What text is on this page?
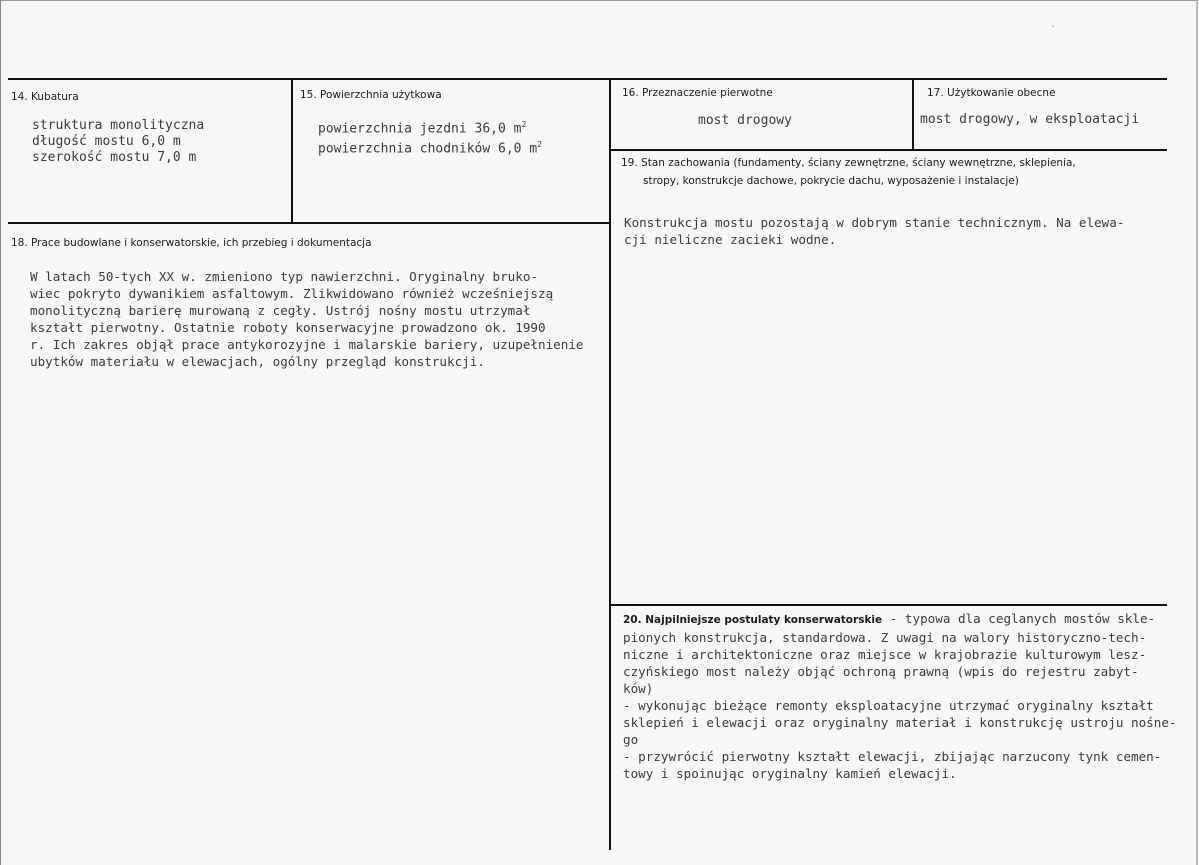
14. Kubatura
struktura monolityczna
długość mostu 6,0 m
szerokość mostu 7,0 m
15. Powierzchnia użytkowa
powierzchnia jezdni 36,0 $m^2$
powierzchnia chodników 6,0 $m^2$
16. Przeznaczenie pierwotne
most drogowy
17. Użytkowanie obecne
most drogowy, w eksploatacji
18. Prace budowlane i konserwatorskie, ich przebieg i dokumentacja
W latach 50-tych XX w. zmieniono typ nawierzchni. Oryginalny bruko-
wiec pokryto dywanikiem asfaltowym. Zlikwidowano również wcześniejszą
monolityczną barierę murowaną z cegły. Ustrój nośny mostu utrzymał
kształt pierwotny. Ostatnie roboty konserwacyjne prowadzono ok. 1990
r. Ich zakres objął prace antykorozyjne i malarskie bariery, uzupełnienie
ubytków materiału w elewacjach, ogólny przegląd konstrukcji.
19. Stan zachowania (fundamenty, ściany zewnętrzne, ściany wewnętrzne, sklepienia,
stropy, konstrukcje dachowe, pokrycie dachu, wyposażenie i instalacje)
Konstrukcja mostu pozostają w dobrym stanie technicznym. Na elewa-
cji nieliczne zacieki wodne.
20. Najpilniejsze postulaty konserwatorskie - typowa dla ceglanych mostów skle-
pionych konstrukcja, standardowa. Z uwagi na walory historyczno-tech-
niczne i architektoniczne oraz miejsce w krajobrazie kulturowym lesz-
czyńskiego most należy objąć ochroną prawną (wpis do rejestru zabyt-
ków)
- wykonując bieżące remonty eksploatacyjne utrzymać oryginalny kształt
sklepień i elewacji oraz oryginalny materiał i konstrukcję ustroju nośne-
go
- przywrócić pierwotny kształt elewacji, zbijając narzucony tynk cemen-
towy i spoinując oryginalny kamień elewacji.
